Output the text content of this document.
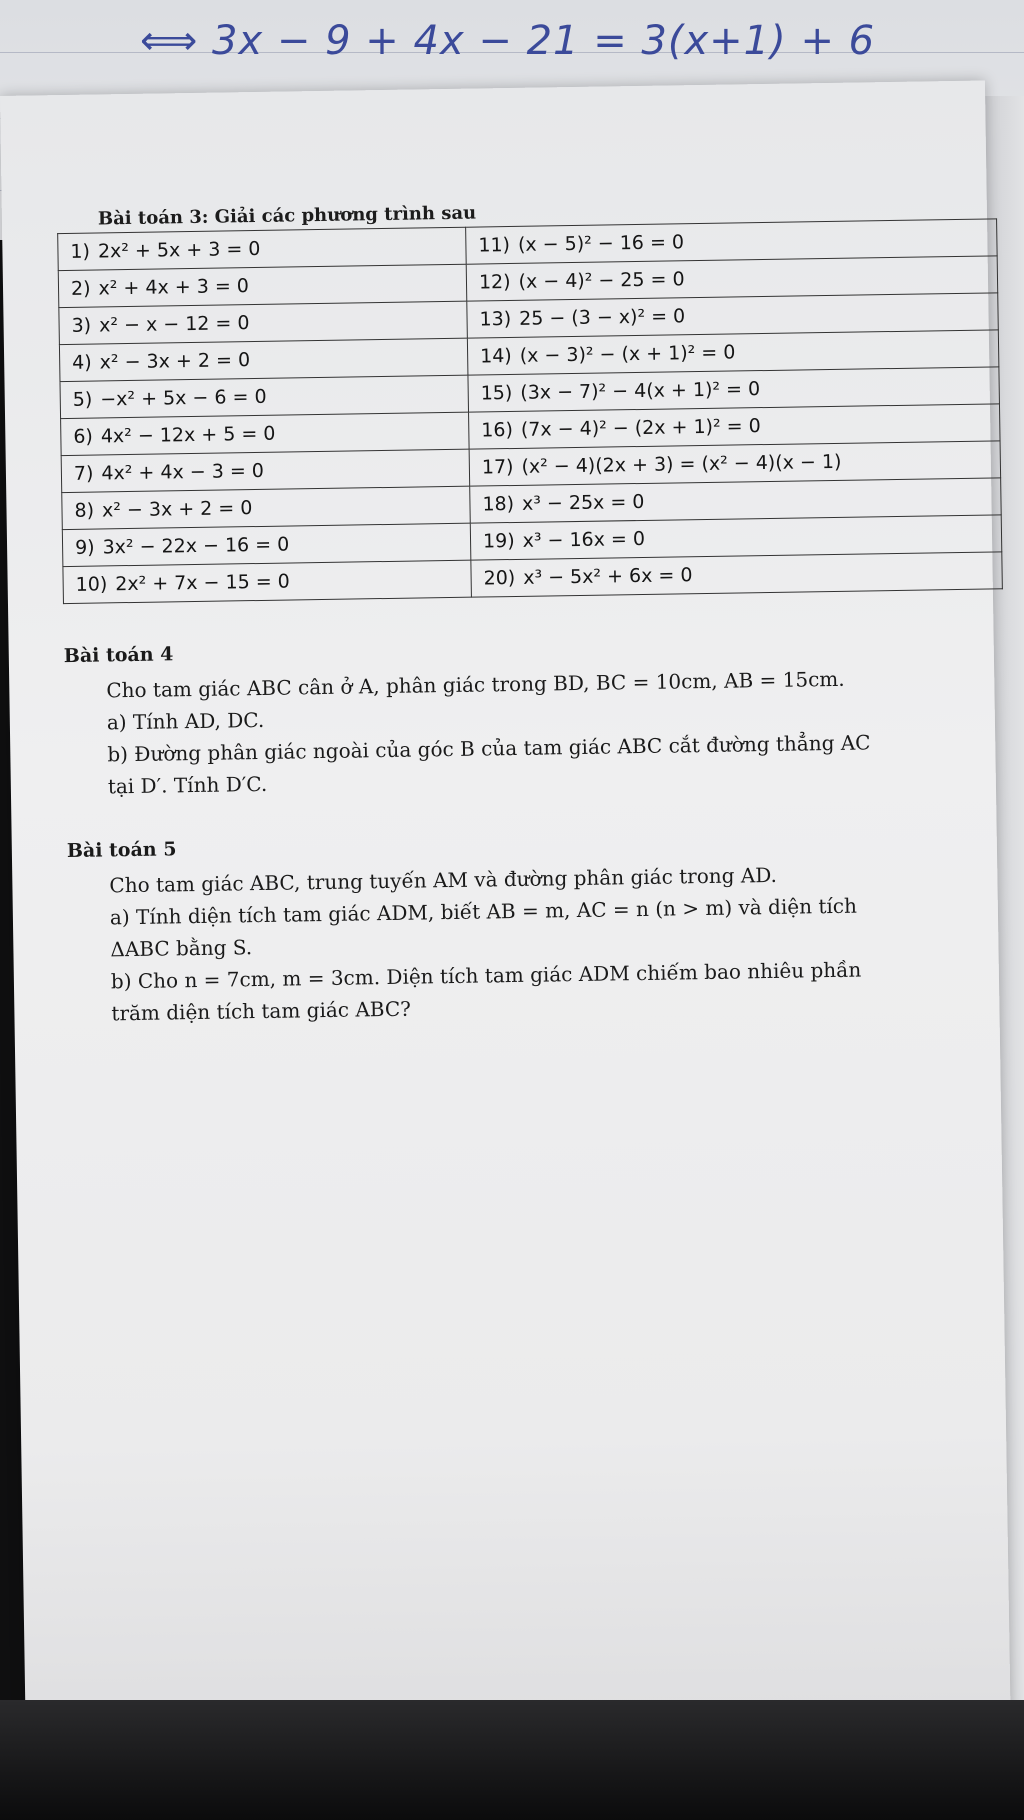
⟺ 3x − 9 + 4x − 21 = 3(x+1) + 6
Bài toán 3: Giải các phương trình sau
1) 2x² + 5x + 3 = 0	11) (x − 5)² − 16 = 0
2) x² + 4x + 3 = 0	12) (x − 4)² − 25 = 0
3) x² − x − 12 = 0	13) 25 − (3 − x)² = 0
4) x² − 3x + 2 = 0	14) (x − 3)² − (x + 1)² = 0
5) −x² + 5x − 6 = 0	15) (3x − 7)² − 4(x + 1)² = 0
6) 4x² − 12x + 5 = 0	16) (7x − 4)² − (2x + 1)² = 0
7) 4x² + 4x − 3 = 0	17) (x² − 4)(2x + 3) = (x² − 4)(x − 1)
8) x² − 3x + 2 = 0	18) x³ − 25x = 0
9) 3x² − 22x − 16 = 0	19) x³ − 16x = 0
10) 2x² + 7x − 15 = 0	20) x³ − 5x² + 6x = 0
Bài toán 4
Cho tam giác ABC cân ở A, phân giác trong BD, BC = 10cm, AB = 15cm.
a) Tính AD, DC.
b) Đường phân giác ngoài của góc B của tam giác ABC cắt đường thẳng AC
tại D′. Tính D′C.
Bài toán 5
Cho tam giác ABC, trung tuyến AM và đường phân giác trong AD.
a) Tính diện tích tam giác ADM, biết AB = m, AC = n (n > m) và diện tích
ΔABC bằng S.
b) Cho n = 7cm, m = 3cm. Diện tích tam giác ADM chiếm bao nhiêu phần
trăm diện tích tam giác ABC?
